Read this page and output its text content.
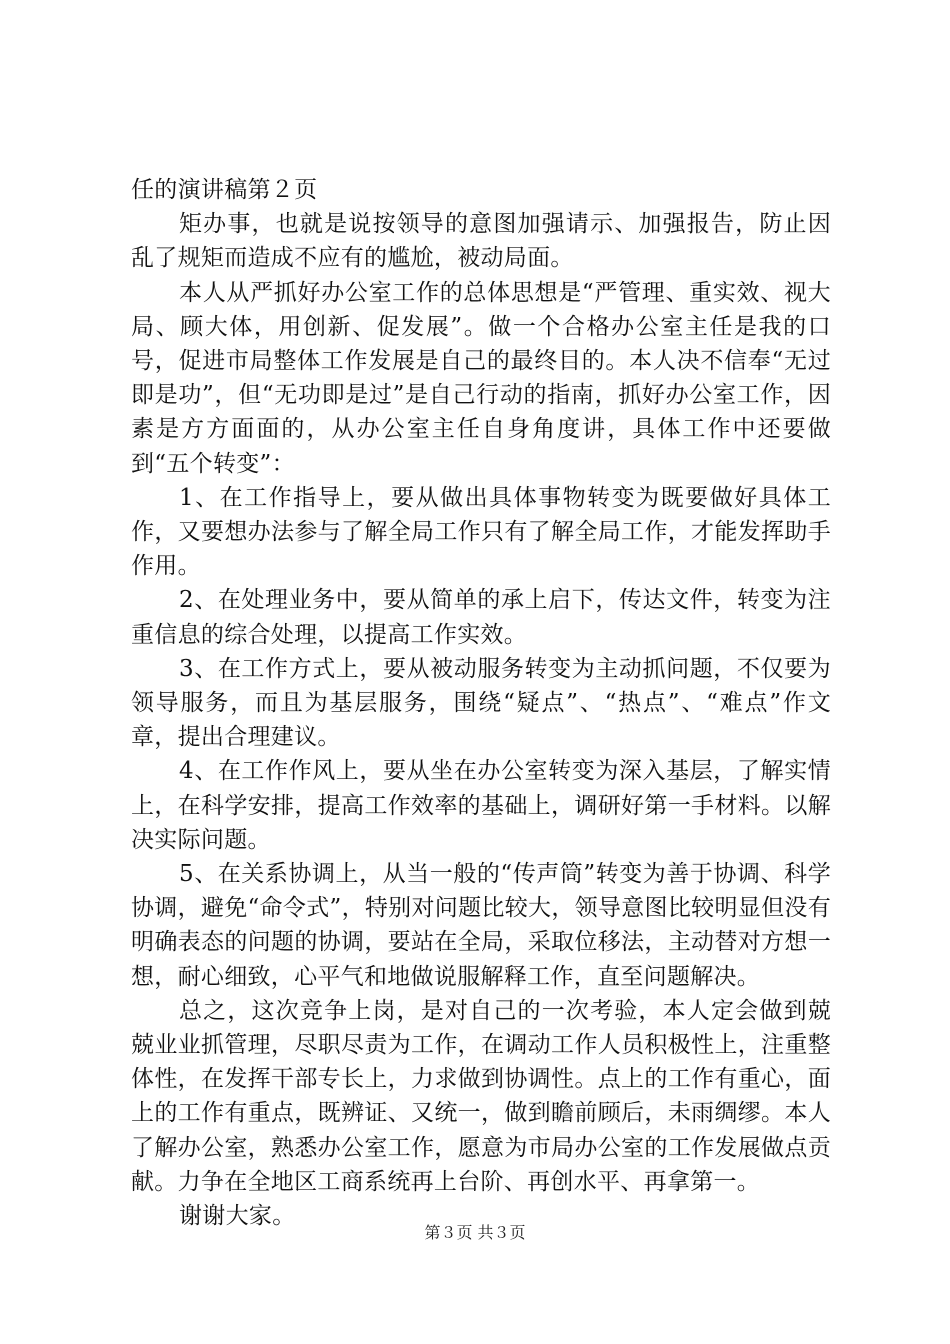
任的演讲稿第２页

矩办事，也就是说按领导的意图加强请示、加强报告，防止因乱了规矩而造成不应有的尴尬，被动局面。

本人从严抓好办公室工作的总体思想是“严管理、重实效、视大局、顾大体，用创新、促发展”。做一个合格办公室主任是我的口号，促进市局整体工作发展是自己的最终目的。本人决不信奉“无过即是功”，但“无功即是过”是自己行动的指南，抓好办公室工作，因素是方方面面的，从办公室主任自身角度讲，具体工作中还要做到“五个转变”：

1、在工作指导上，要从做出具体事物转变为既要做好具体工作，又要想办法参与了解全局工作只有了解全局工作，才能发挥助手作用。

2、在处理业务中，要从简单的承上启下，传达文件，转变为注重信息的综合处理，以提高工作实效。

3、在工作方式上，要从被动服务转变为主动抓问题，不仅要为领导服务，而且为基层服务，围绕“疑点”、“热点”、“难点”作文章，提出合理建议。

4、在工作作风上，要从坐在办公室转变为深入基层，了解实情上，在科学安排，提高工作效率的基础上，调研好第一手材料。以解决实际问题。

5、在关系协调上，从当一般的“传声筒”转变为善于协调、科学协调，避免“命令式”，特别对问题比较大，领导意图比较明显但没有明确表态的问题的协调，要站在全局，采取位移法，主动替对方想一想，耐心细致，心平气和地做说服解释工作，直至问题解决。

总之，这次竞争上岗，是对自己的一次考验，本人定会做到兢兢业业抓管理，尽职尽责为工作，在调动工作人员积极性上，注重整体性，在发挥干部专长上，力求做到协调性。点上的工作有重心，面上的工作有重点，既辨证、又统一，做到瞻前顾后，未雨绸缪。本人了解办公室，熟悉办公室工作，愿意为市局办公室的工作发展做点贡献。力争在全地区工商系统再上台阶、再创水平、再拿第一。

谢谢大家。

第３页 共３页
